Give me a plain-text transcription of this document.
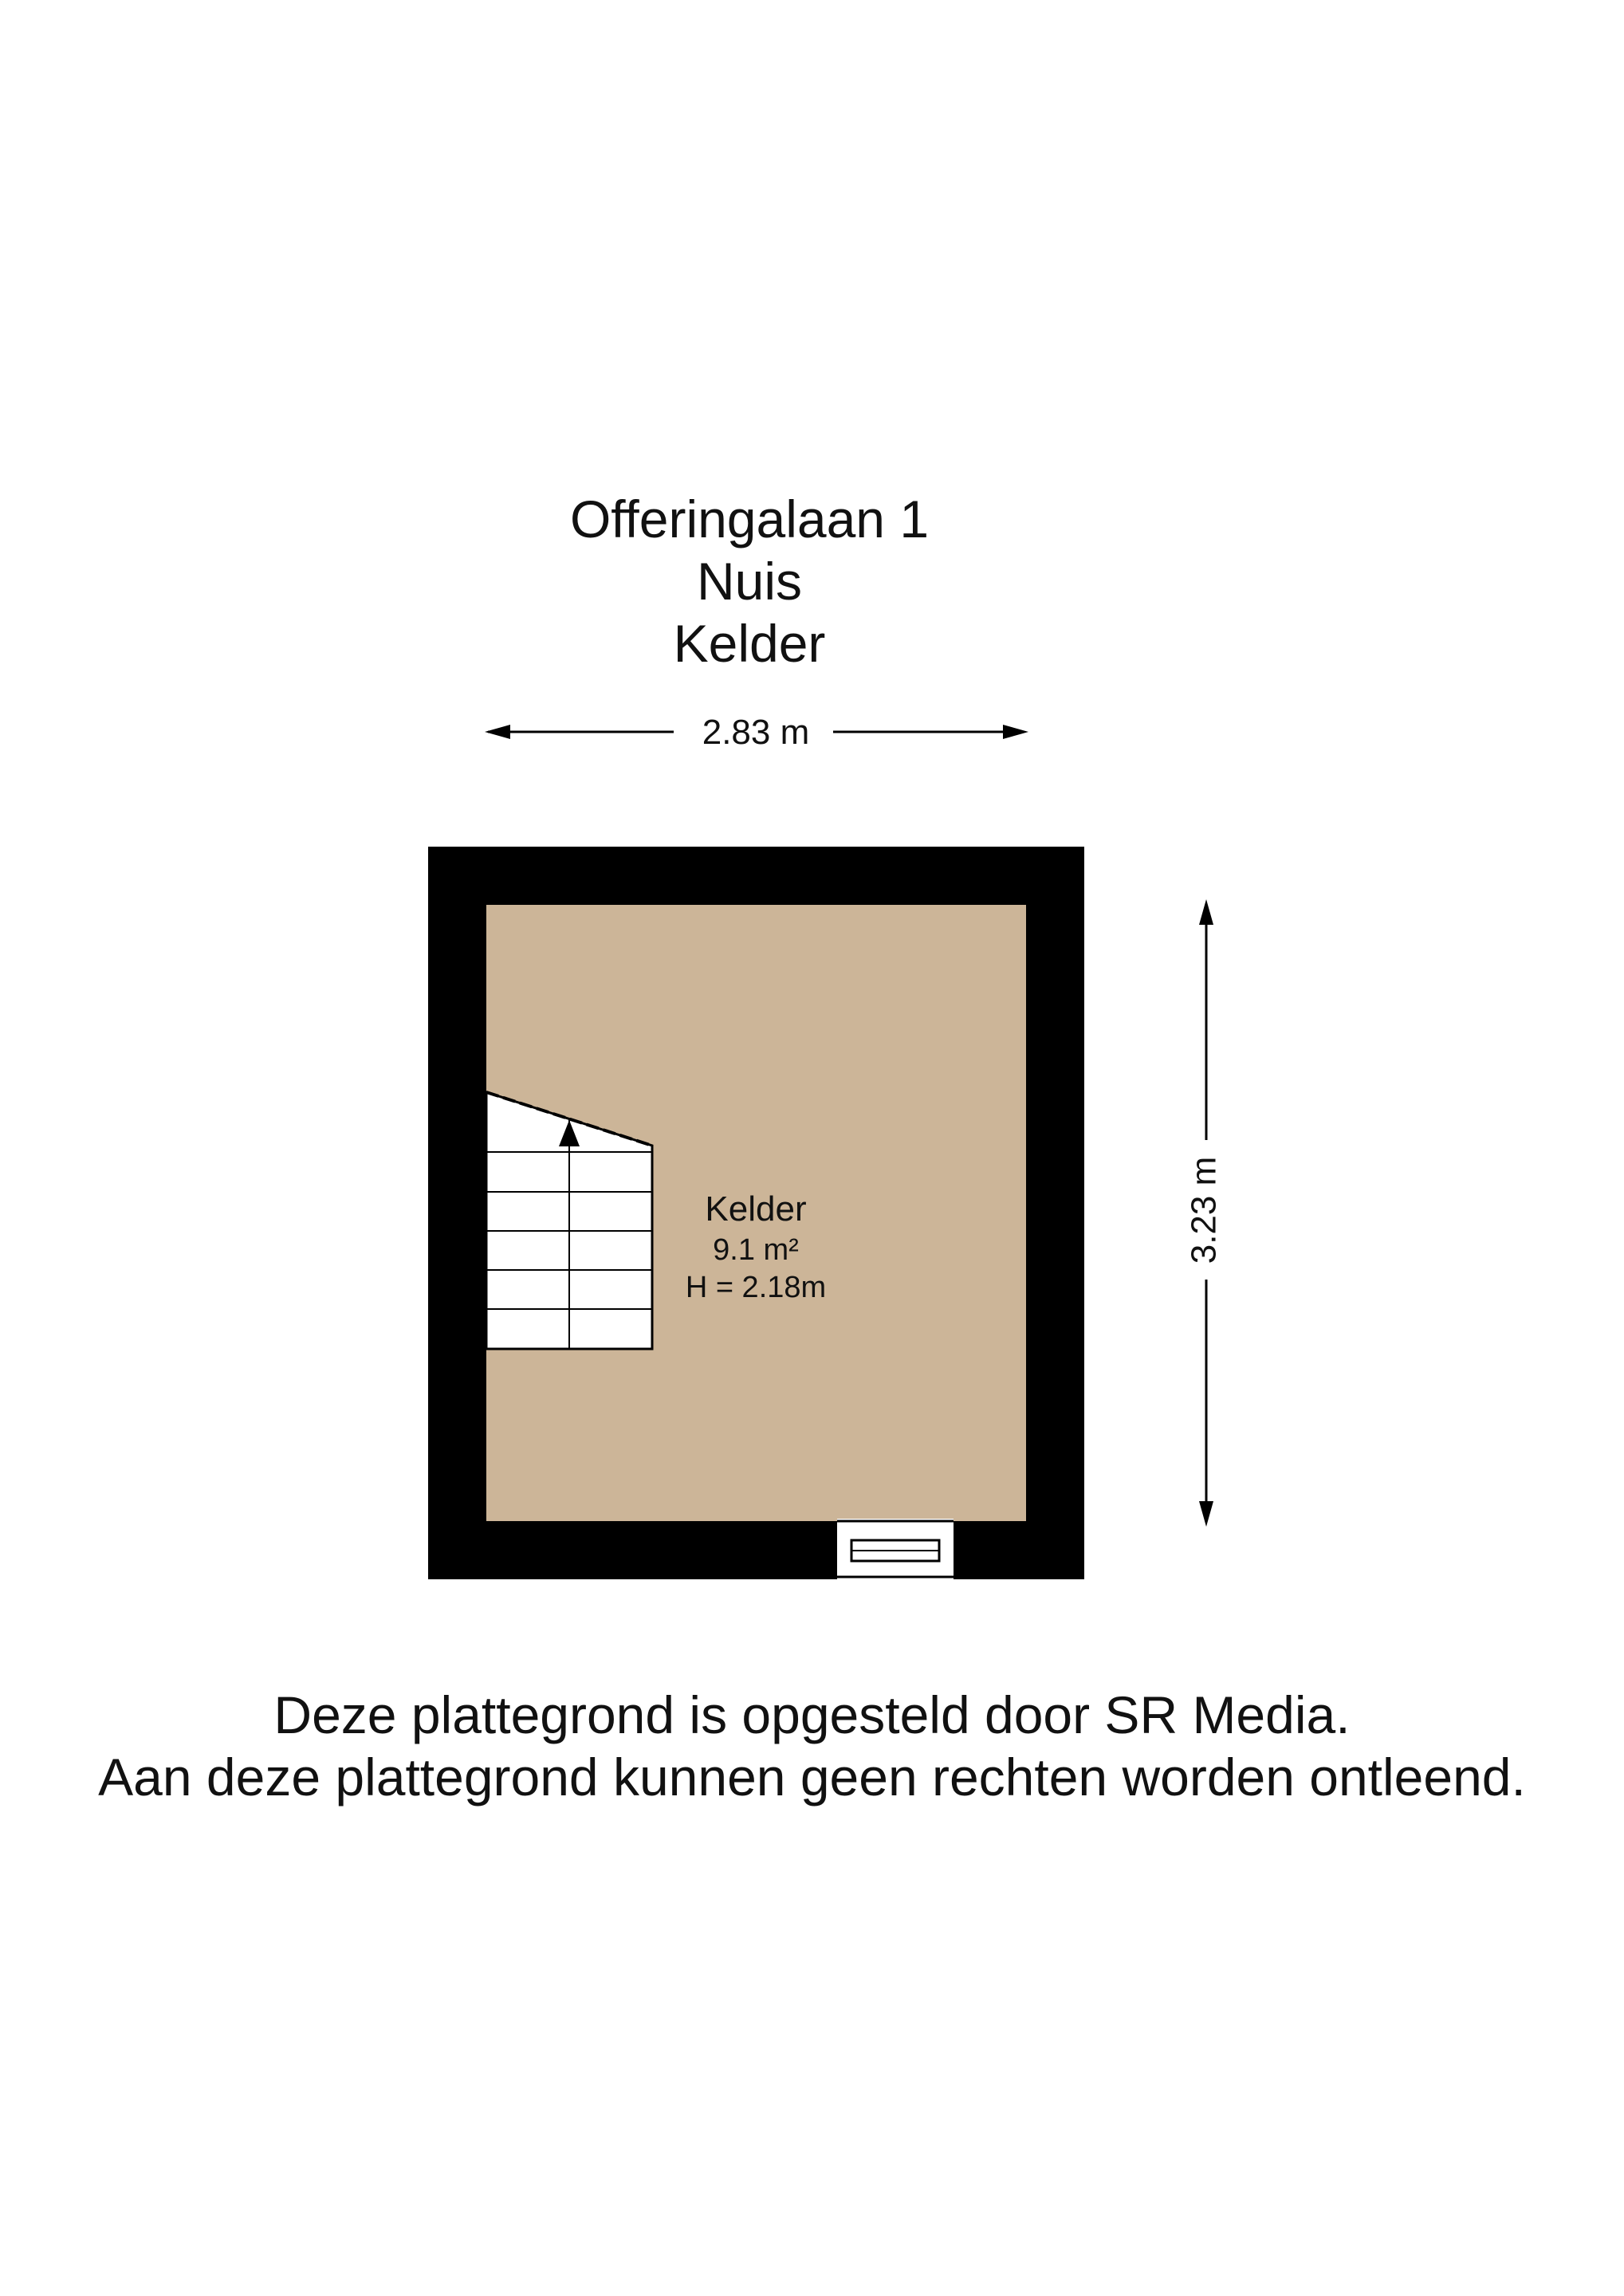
Offeringalaan 1
Nuis
Kelder
2.83 m
3.23 m
Kelder
9.1 m²
H = 2.18m
Deze plattegrond is opgesteld door SR Media.
Aan deze plattegrond kunnen geen rechten worden ontleend.
